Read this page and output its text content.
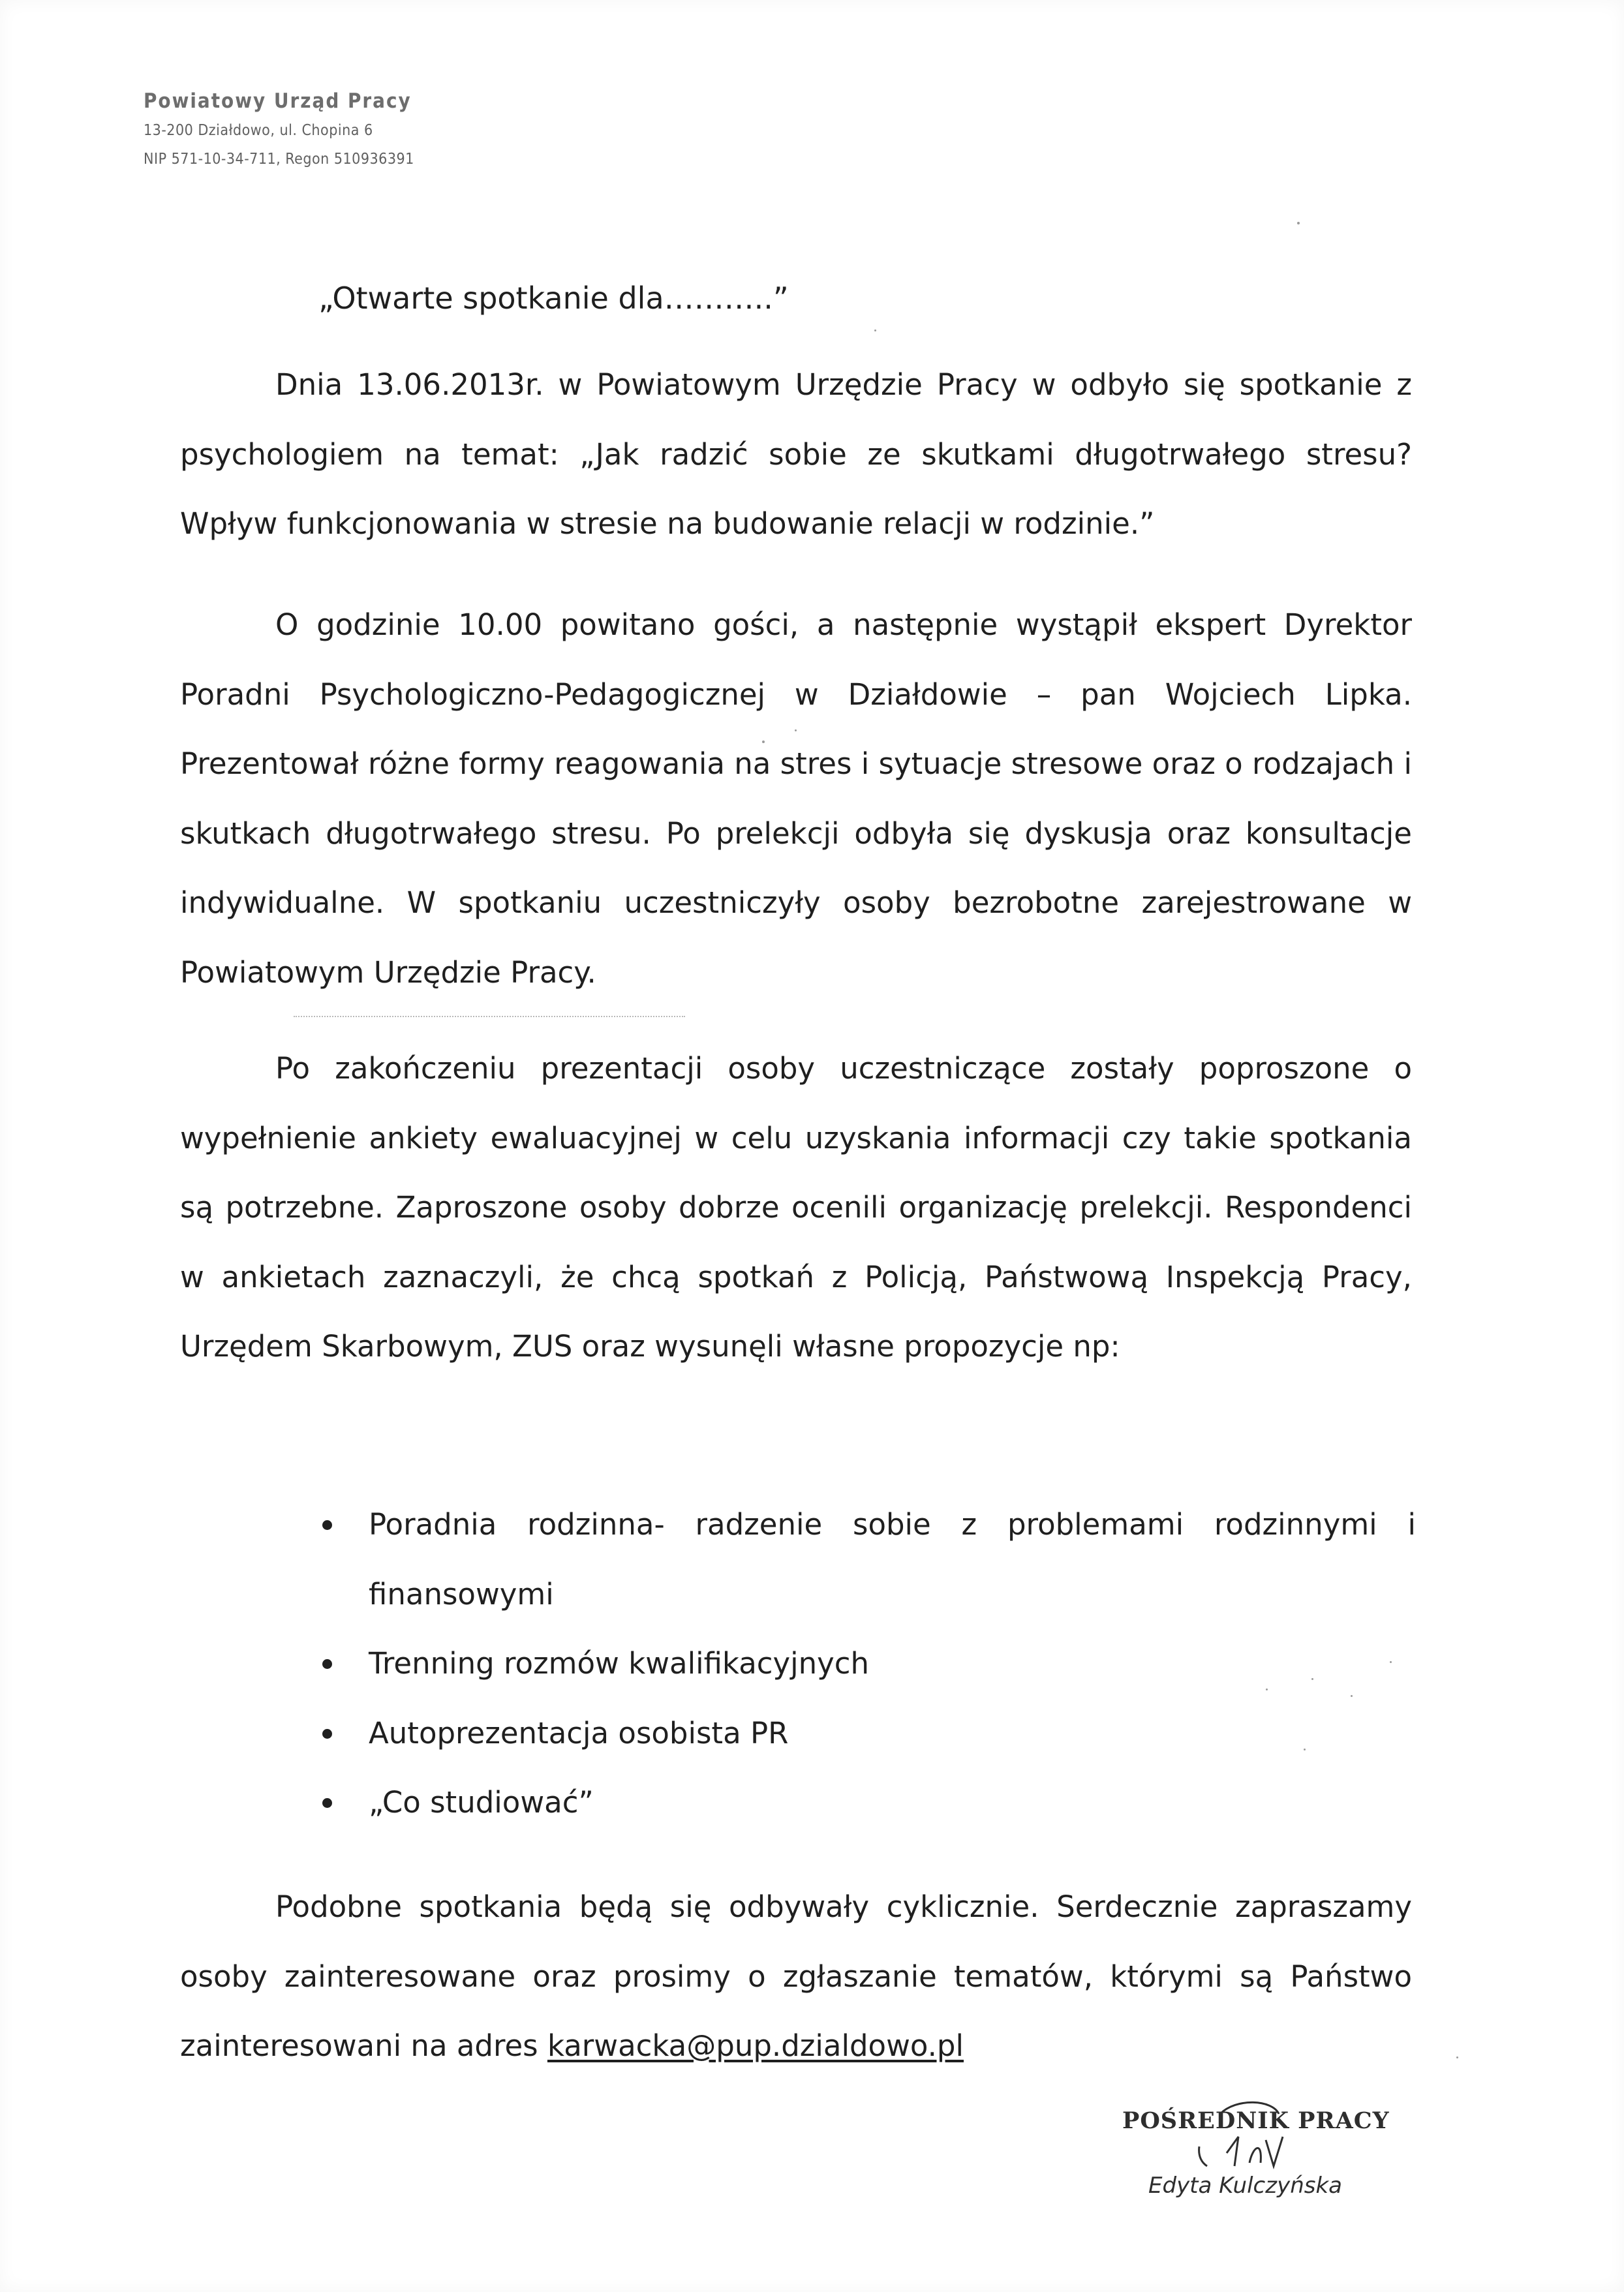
Powiatowy Urząd Pracy
13-200 Działdowo, ul. Chopina 6
NIP 571-10-34-711, Regon 510936391
„Otwarte spotkanie dla………..”

Dnia 13.06.2013r. w Powiatowym Urzędzie Pracy w odbyło się spotkanie z psychologiem na temat: „Jak radzić sobie ze skutkami długotrwałego stresu? Wpływ funkcjonowania w stresie na budowanie relacji w rodzinie.”

O godzinie 10.00 powitano gości, a następnie wystąpił ekspert Dyrektor Poradni Psychologiczno-Pedagogicznej w Działdowie – pan Wojciech Lipka. Prezentował różne formy reagowania na stres i sytuacje stresowe oraz o rodzajach i skutkach długotrwałego stresu. Po prelekcji odbyła się dyskusja oraz konsultacje indywidualne. W spotkaniu uczestniczyły osoby bezrobotne zarejestrowane w Powiatowym Urzędzie Pracy.

Po zakończeniu prezentacji osoby uczestniczące zostały poproszone o wypełnienie ankiety ewaluacyjnej w celu uzyskania informacji czy takie spotkania są potrzebne. Zaproszone osoby dobrze ocenili organizację prelekcji. Respondenci w ankietach zaznaczyli, że chcą spotkań z Policją, Państwową Inspekcją Pracy, Urzędem Skarbowym, ZUS oraz wysunęli własne propozycje np:

Poradnia rodzinna- radzenie sobie z problemami rodzinnymi i finansowymi
Trenning rozmów kwalifikacyjnych
Autoprezentacja osobista PR
„Co studiować”

Podobne spotkania będą się odbywały cyklicznie. Serdecznie zapraszamy osoby zainteresowane oraz prosimy o zgłaszanie tematów, którymi są Państwo zainteresowani na adres karwacka@pup.dzialdowo.pl

POŚREDNIK PRACY
Edyta Kulczyńska
